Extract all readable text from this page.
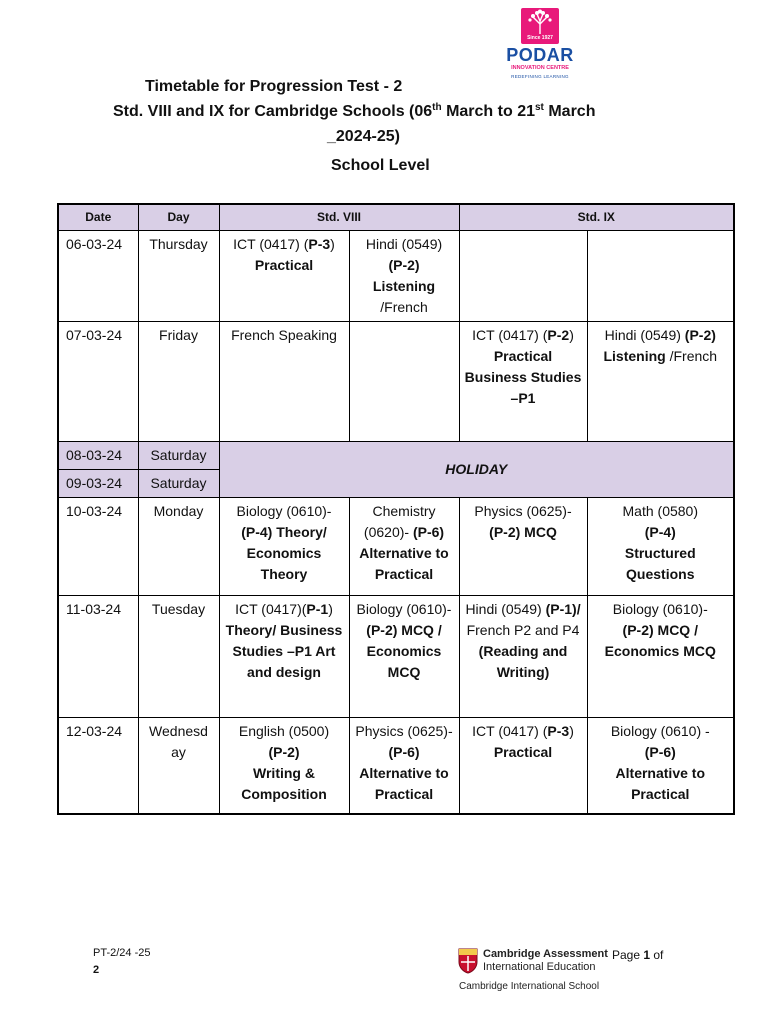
Since 1927
PODAR
INNOVATION CENTRE
REDEFINING LEARNING
Timetable for Progression Test - 2
Std. VIII and IX for Cambridge Schools (06th March to 21st March
_2024-25)
School Level
Date	Day	Std. VIII		Std. IX	
06-03-24	Thursday	ICT (0417) (P-3)
Practical	Hindi (0549)
(P-2)
Listening
/French		
07-03-24	Friday	French Speaking		ICT (0417) (P-2)
Practical Business Studies –P1	Hindi (0549) (P-2)
Listening /French
08-03-24	Saturday	HOLIDAY			
09-03-24	Saturday				
10-03-24	Monday	Biology (0610)-
(P-4) Theory/ Economics Theory	Chemistry (0620)- (P-6)
Alternative to Practical	Physics (0625)-
(P-2) MCQ	Math (0580)
(P-4)
Structured Questions
11-03-24	Tuesday	ICT (0417)(P-1)
Theory/ Business Studies –P1 Art and design	Biology (0610)-
(P-2) MCQ / Economics MCQ	Hindi (0549) (P-1)/
French P2 and P4 (Reading and Writing)	Biology (0610)-
(P-2) MCQ / Economics MCQ
12-03-24	Wednesd ay	English (0500)
(P-2)
Writing & Composition	Physics (0625)- (P-6)
Alternative to Practical	ICT (0417) (P-3)
Practical	Biology (0610) -
(P-6)
Alternative to Practical
PT-2/24 -25
2
Cambridge Assessment
International Education
Cambridge International School
Page 1 of
